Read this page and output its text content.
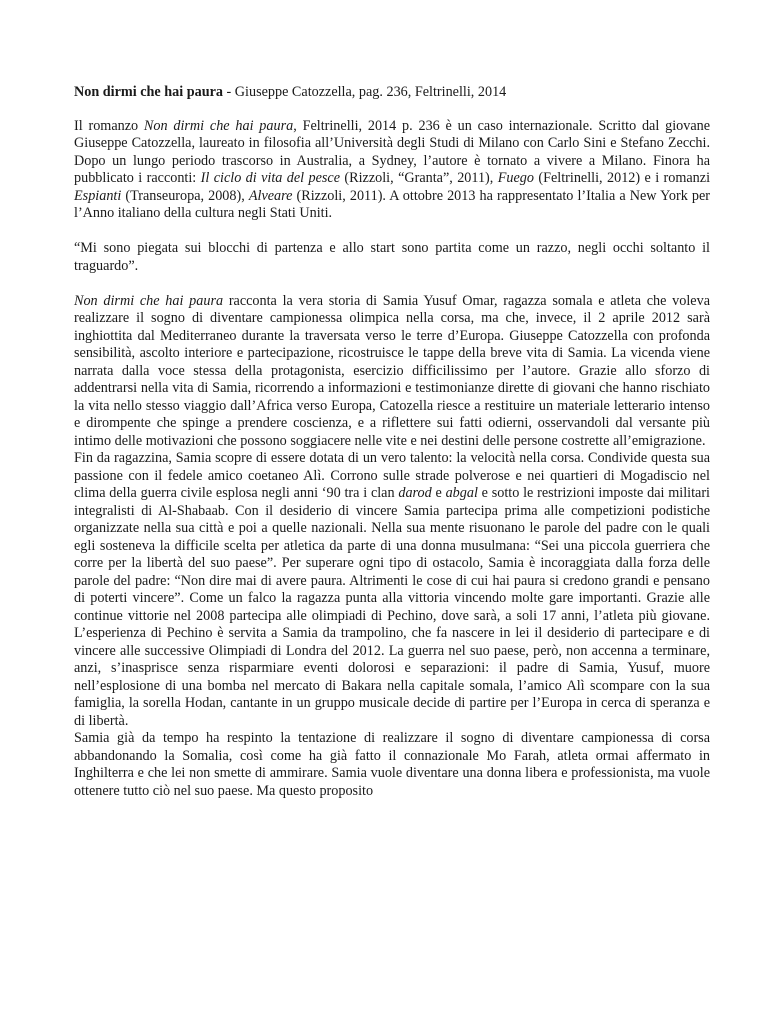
Non dirmi che hai paura - Giuseppe Catozzella, pag. 236, Feltrinelli, 2014

Il romanzo Non dirmi che hai paura, Feltrinelli, 2014 p. 236 è un caso internazionale. Scritto dal giovane Giuseppe Catozzella, laureato in filosofia all’Università degli Studi di Milano con Carlo Sini e Stefano Zecchi. Dopo un lungo periodo trascorso in Australia, a Sydney, l’autore è tornato a vivere a Milano. Finora ha pubblicato i racconti: Il ciclo di vita del pesce (Rizzoli, “Granta”, 2011), Fuego (Feltrinelli, 2012) e i romanzi Espianti (Transeuropa, 2008), Alveare (Rizzoli, 2011). A ottobre 2013 ha rappresentato l’Italia a New York per l’Anno italiano della cultura negli Stati Uniti.

“Mi sono piegata sui blocchi di partenza e allo start sono partita come un razzo, negli occhi soltanto il traguardo”.

Non dirmi che hai paura racconta la vera storia di Samia Yusuf Omar, ragazza somala e atleta che voleva realizzare il sogno di diventare campionessa olimpica nella corsa, ma che, invece, il 2 aprile 2012 sarà inghiottita dal Mediterraneo durante la traversata verso le terre d’Europa. Giuseppe Catozzella con profonda sensibilità, ascolto interiore e partecipazione, ricostruisce le tappe della breve vita di Samia. La vicenda viene narrata dalla voce stessa della protagonista, esercizio difficilissimo per l’autore. Grazie allo sforzo di addentrarsi nella vita di Samia, ricorrendo a informazioni e testimonianze dirette di giovani che hanno rischiato la vita nello stesso viaggio dall’Africa verso Europa, Catozella riesce a restituire un materiale letterario intenso e dirompente che spinge a prendere coscienza, e a riflettere sui fatti odierni, osservandoli dal versante più intimo delle motivazioni che possono soggiacere nelle vite e nei destini delle persone costrette all’emigrazione.

Fin da ragazzina, Samia scopre di essere dotata di un vero talento: la velocità nella corsa. Condivide questa sua passione con il fedele amico coetaneo Alì. Corrono sulle strade polverose e nei quartieri di Mogadiscio nel clima della guerra civile esplosa negli anni ‘90 tra i clan darod e abgal e sotto le restrizioni imposte dai militari integralisti di Al-Shabaab. Con il desiderio di vincere Samia partecipa prima alle competizioni podistiche organizzate nella sua città e poi a quelle nazionali. Nella sua mente risuonano le parole del padre con le quali egli sosteneva la difficile scelta per atletica da parte di una donna musulmana: “Sei una piccola guerriera che corre per la libertà del suo paese”. Per superare ogni tipo di ostacolo, Samia è incoraggiata dalla forza delle parole del padre: “Non dire mai di avere paura. Altrimenti le cose di cui hai paura si credono grandi e pensano di poterti vincere”. Come un falco la ragazza punta alla vittoria vincendo molte gare importanti. Grazie alle continue vittorie nel 2008 partecipa alle olimpiadi di Pechino, dove sarà, a soli 17 anni, l’atleta più giovane. L’esperienza di Pechino è servita a Samia da trampolino, che fa nascere in lei il desiderio di partecipare e di vincere alle successive Olimpiadi di Londra del 2012. La guerra nel suo paese, però, non accenna a terminare, anzi, s’inasprisce senza risparmiare eventi dolorosi e separazioni: il padre di Samia, Yusuf, muore nell’esplosione di una bomba nel mercato di Bakara nella capitale somala, l’amico Alì scompare con la sua famiglia, la sorella Hodan, cantante in un gruppo musicale decide di partire per l’Europa in cerca di speranza e di libertà.

Samia già da tempo ha respinto la tentazione di realizzare il sogno di diventare campionessa di corsa abbandonando la Somalia, così come ha già fatto il connazionale Mo Farah, atleta ormai affermato in Inghilterra e che lei non smette di ammirare. Samia vuole diventare una donna libera e professionista, ma vuole ottenere tutto ciò nel suo paese. Ma questo proposito
